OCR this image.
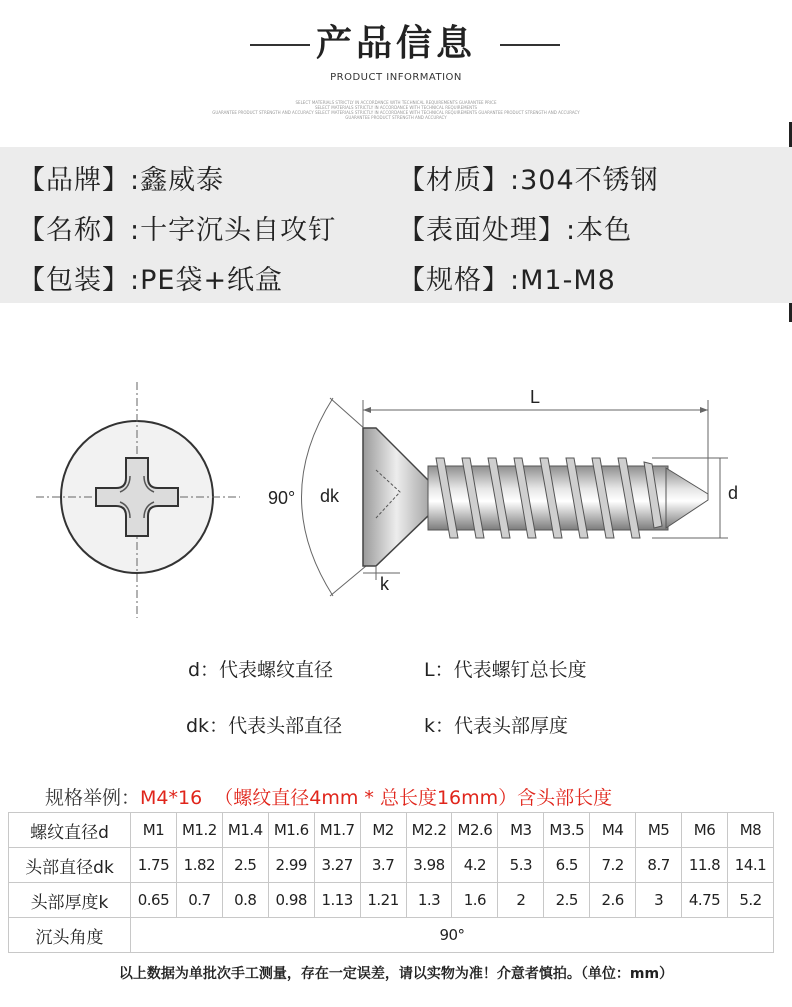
产品信息
PRODUCT INFORMATION
SELECT MATERIALS STRICTLY IN ACCORDANCE WITH TECHNICAL REQUIREMENTS GUARANTEE PRICE
SELECT MATERIALS STRICTLY IN ACCORDANCE WITH TECHNICAL REQUIREMENTS
GUARANTEE PRODUCT STRENGTH AND ACCURACY SELECT MATERIALS STRICTLY IN ACCORDANCE WITH TECHNICAL REQUIREMENTS GUARANTEE PRODUCT STRENGTH AND ACCURACY
GUARANTEE PRODUCT STRENGTH AND ACCURACY
【品牌】:鑫威泰	【材质】:304不锈钢
【名称】:十字沉头自攻钉 【表面处理】:本色
【包装】:PE袋+纸盒	【规格】:M1-M8
90° dk
L
d
k
d：代表螺纹直径	L：代表螺钉总长度
dk：代表头部直径	k：代表头部厚度
规格举例：M4*16 （螺纹直径4mm * 总长度16mm）含头部长度
螺纹直径d	M1	M1.2	M1.4	M1.6	M1.7	M2	M2.2	M2.6	M3	M3.5	M4	M5	M6	M8
头部直径dk	1.75	1.82	2.5	2.99	3.27	3.7	3.98	4.2	5.3	6.5	7.2	8.7	11.8	14.1
头部厚度k	0.65	0.7	0.8	0.98	1.13	1.21	1.3	1.6	2	2.5	2.6	3	4.75	5.2
沉头角度	90°													
以上数据为单批次手工测量，存在一定误差，请以实物为准！介意者慎拍。（单位：mm）
